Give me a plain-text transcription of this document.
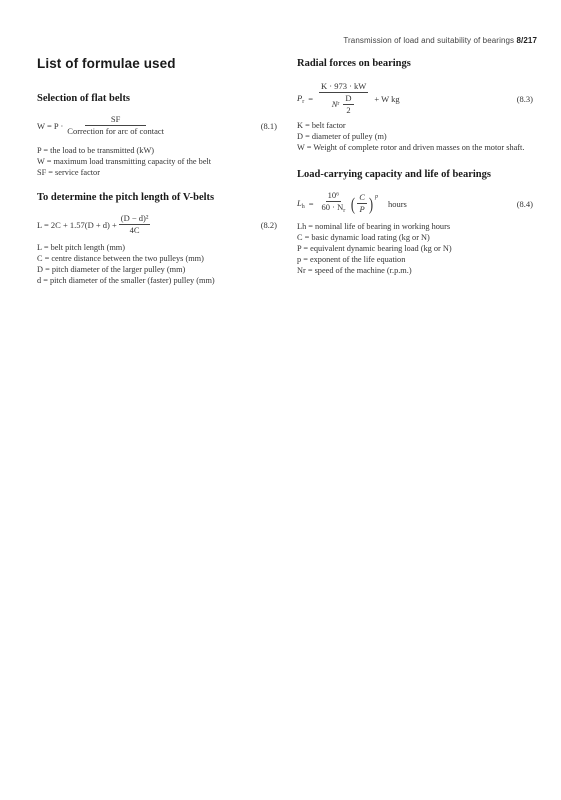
Transmission of load and suitability of bearings 8/217
List of formulae used
Selection of flat belts
$W = P \cdot \frac{SF}{\text{Correction for arc of contact}}$	(8.1)
P = the load to be transmitted (kW)
W = maximum load transmitting capacity of the belt
SF = service factor
To determine the pitch length of V-belts
$L = 2C + 1.57(D + d) + \frac{\text{(D − d)²}}{4C}$	(8.2)
L = belt pitch length (mm)
C = centre distance between the two pulleys (mm)
D = pitch diameter of the larger pulley (mm)
d = pitch diameter of the smaller (faster) pulley (mm)
Radial forces on bearings
$P_r = \frac{K \cdot 973 \cdot kW}{N r \frac{D}{2}} + W$ kg	(8.3)
K = belt factor
D = diameter of pulley (m)
W = Weight of complete rotor and driven masses on the motor shaft.
Load-carrying capacity and life of bearings
$L_h = \frac{\text{10⁶}}{60 \cdot N_r}$ ( $\frac{C}{P}$ ) p
hours	(8.4)
Lh = nominal life of bearing in working hours
C = basic dynamic load rating (kg or N)
P = equivalent dynamic bearing load (kg or N)
p = exponent of the life equation
Nr = speed of the machine (r.p.m.)
